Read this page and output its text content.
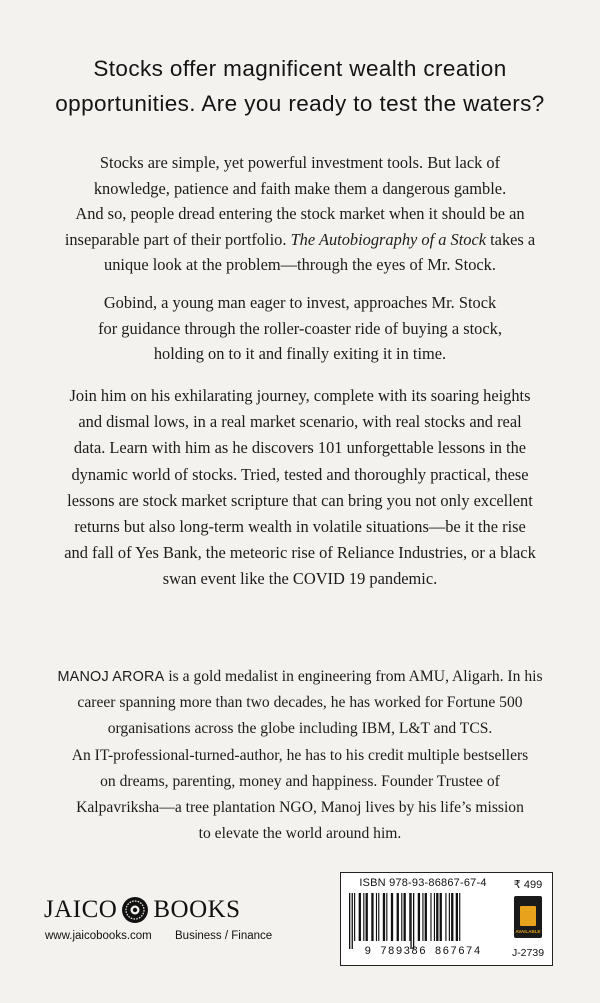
Stocks offer magnificent wealth creation
opportunities. Are you ready to test the waters?

Stocks are simple, yet powerful investment tools. But lack of
knowledge, patience and faith make them a dangerous gamble.
And so, people dread entering the stock market when it should be an
inseparable part of their portfolio. The Autobiography of a Stock takes a
unique look at the problem—through the eyes of Mr. Stock.

Gobind, a young man eager to invest, approaches Mr. Stock
for guidance through the roller-coaster ride of buying a stock,
holding on to it and finally exiting it in time.

Join him on his exhilarating journey, complete with its soaring heights
and dismal lows, in a real market scenario, with real stocks and real
data. Learn with him as he discovers 101 unforgettable lessons in the
dynamic world of stocks. Tried, tested and thoroughly practical, these
lessons are stock market scripture that can bring you not only excellent
returns but also long-term wealth in volatile situations—be it the rise
and fall of Yes Bank, the meteoric rise of Reliance Industries, or a black
swan event like the COVID 19 pandemic.

MANOJ ARORA is a gold medalist in engineering from AMU, Aligarh. In his
career spanning more than two decades, he has worked for Fortune 500
organisations across the globe including IBM, L&T and TCS.
An IT-professional-turned-author, he has to his credit multiple bestsellers
on dreams, parenting, money and happiness. Founder Trustee of
Kalpavriksha—a tree plantation NGO, Manoj lives by his life’s mission
to elevate the world around him.

JAICO BOOKS
www.jaicobooks.com Business / Finance
ISBN 978-93-86867-67-4
9 789386 867674
₹ 499
AVAILABLE
J-2739
